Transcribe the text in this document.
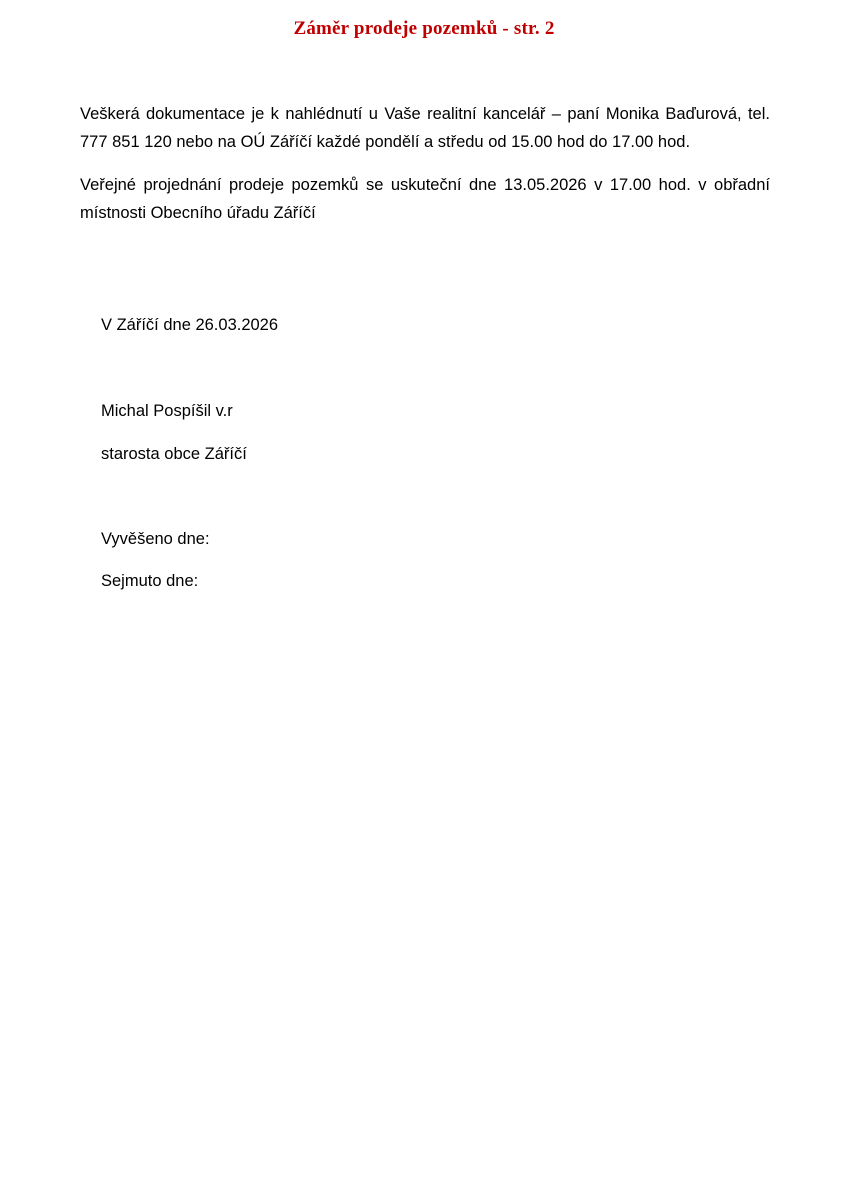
Záměr prodeje pozemků - str. 2

Veškerá dokumentace je k nahlédnutí u Vaše realitní kancelář – paní Monika Baďurová, tel. 777 851 120 nebo na OÚ Záříčí každé pondělí a středu od 15.00 hod do 17.00 hod.

Veřejné projednání prodeje pozemků se uskuteční dne 13.05.2026 v 17.00 hod. v obřadní místnosti Obecního úřadu Záříčí

V Záříčí dne 26.03.2026
Michal Pospíšil v.r
starosta obce Záříčí
Vyvěšeno dne:
Sejmuto dne:
